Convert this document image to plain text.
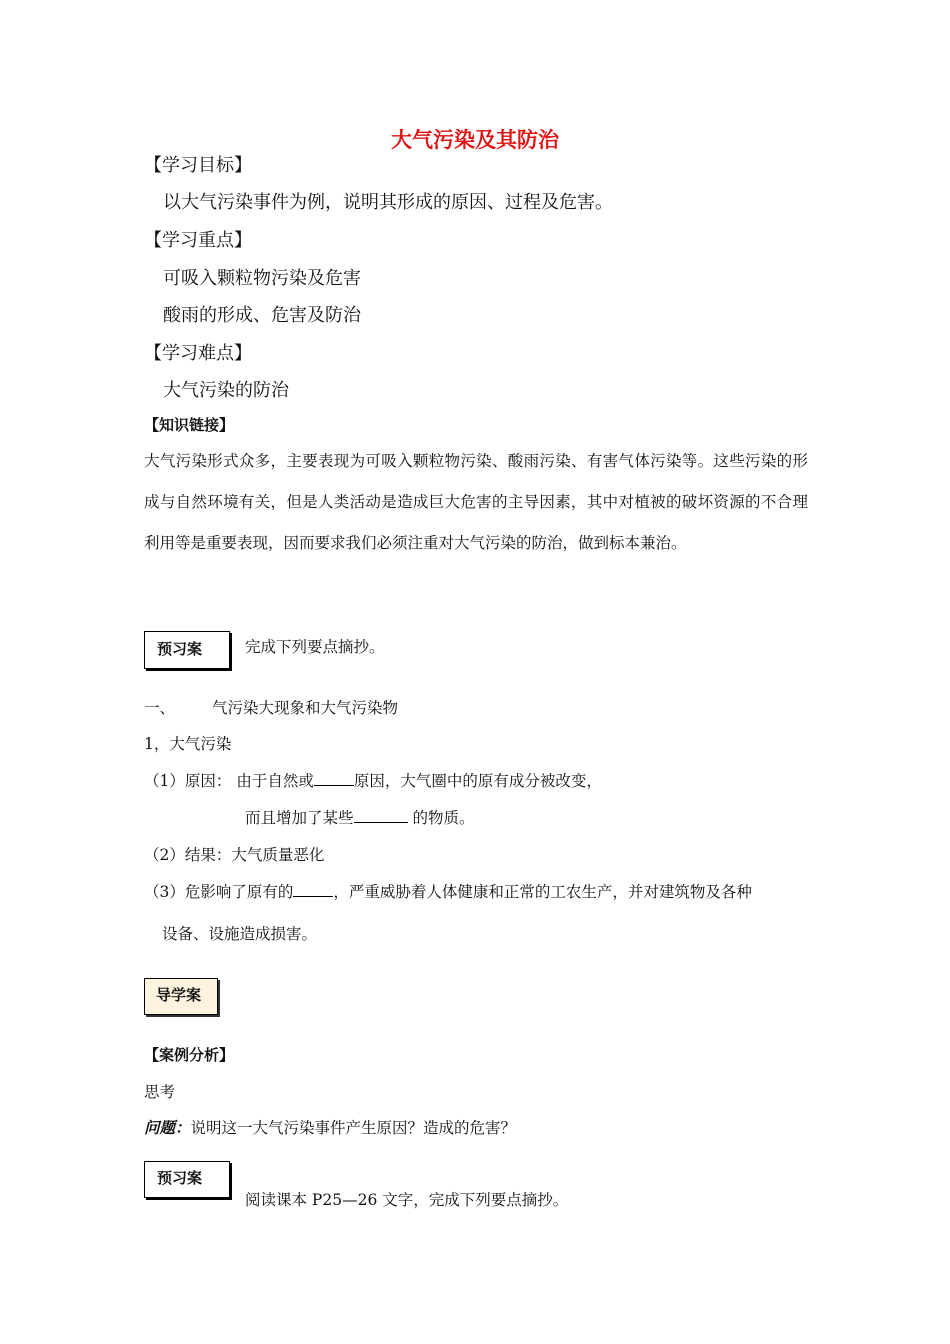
大气污染及其防治
【学习目标】
以大气污染事件为例，说明其形成的原因、过程及危害。
【学习重点】
可吸入颗粒物污染及危害
酸雨的形成、危害及防治
【学习难点】
大气污染的防治
【知识链接】
大气污染形式众多，主要表现为可吸入颗粒物污染、酸雨污染、有害气体污染等。这些污染的形成与自然环境有关，但是人类活动是造成巨大危害的主导因素，其中对植被的破坏资源的不合理利用等是重要表现，因而要求我们必须注重对大气污染的防治，做到标本兼治。
预习案	完成下列要点摘抄。
一、 气污染大现象和大气污染物
1，大气污染
（1）原因： 由于自然或	原因，大气圈中的原有成分被改变，
而且增加了某些	的物质。
（2）结果：大气质量恶化
（3）危影响了原有的	，严重威胁着人体健康和正常的工农生产，并对建筑物及各种
设备、设施造成损害。
导学案
【案例分析】
思考
问题：说明这一大气污染事件产生原因？造成的危害？
预习案
阅读课本 P25—26 文字，完成下列要点摘抄。
